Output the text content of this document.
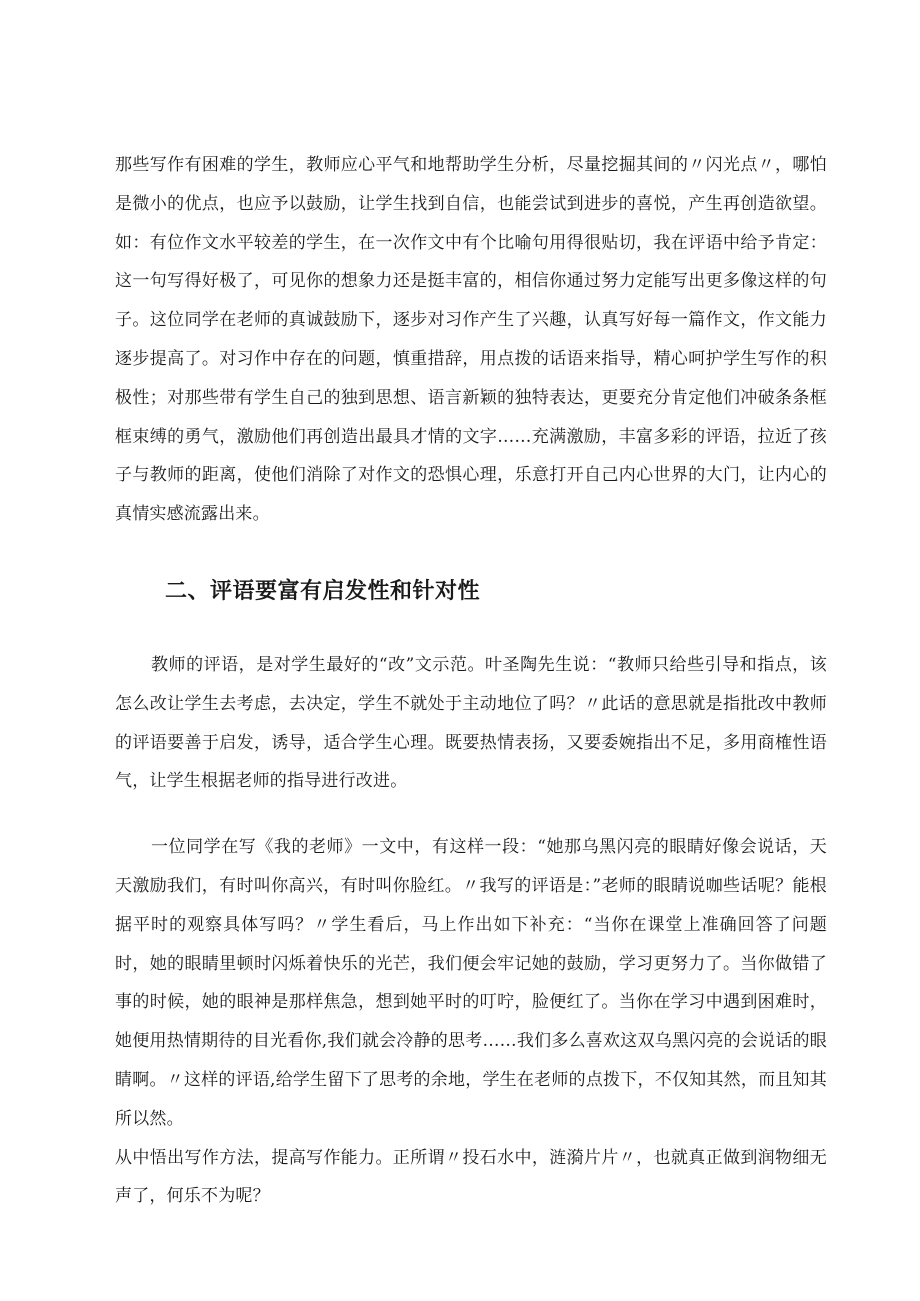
那些写作有困难的学生，教师应心平气和地帮助学生分析，尽量挖掘其间的〃闪光点〃，哪怕是微小的优点，也应予以鼓励，让学生找到自信，也能尝试到进步的喜悦，产生再创造欲望。如：有位作文水平较差的学生，在一次作文中有个比喻句用得很贴切，我在评语中给予肯定：这一句写得好极了，可见你的想象力还是挺丰富的，相信你通过努力定能写出更多像这样的句子。这位同学在老师的真诚鼓励下，逐步对习作产生了兴趣，认真写好每一篇作文，作文能力逐步提高了。对习作中存在的问题，慎重措辞，用点拨的话语来指导，精心呵护学生写作的积极性；对那些带有学生自己的独到思想、语言新颖的独特表达，更要充分肯定他们冲破条条框框束缚的勇气，激励他们再创造出最具才情的文字……充满激励，丰富多彩的评语，拉近了孩子与教师的距离，使他们消除了对作文的恐惧心理，乐意打开自己内心世界的大门，让内心的真情实感流露出来。

二、评语要富有启发性和针对性

教师的评语，是对学生最好的“改”文示范。叶圣陶先生说：“教师只给些引导和指点，该怎么改让学生去考虑，去决定，学生不就处于主动地位了吗？〃此话的意思就是指批改中教师的评语要善于启发，诱导，适合学生心理。既要热情表扬，又要委婉指出不足，多用商榷性语气，让学生根据老师的指导进行改进。

一位同学在写《我的老师》一文中，有这样一段：“她那乌黑闪亮的眼睛好像会说话，天天激励我们，有时叫你高兴，有时叫你脸红。〃我写的评语是：”老师的眼睛说咖些话呢？能根据平时的观察具体写吗？〃学生看后，马上作出如下补充：“当你在课堂上准确回答了问题时，她的眼睛里顿时闪烁着快乐的光芒，我们便会牢记她的鼓励，学习更努力了。当你做错了事的时候，她的眼神是那样焦急，想到她平时的叮咛，脸便红了。当你在学习中遇到困难时，她便用热情期待的目光看你,我们就会冷静的思考……我们多么喜欢这双乌黑闪亮的会说话的眼睛啊。〃这样的评语,给学生留下了思考的余地，学生在老师的点拨下，不仅知其然，而且知其所以然。

从中悟出写作方法，提高写作能力。正所谓〃投石水中，涟漪片片〃，也就真正做到润物细无声了，何乐不为呢？
